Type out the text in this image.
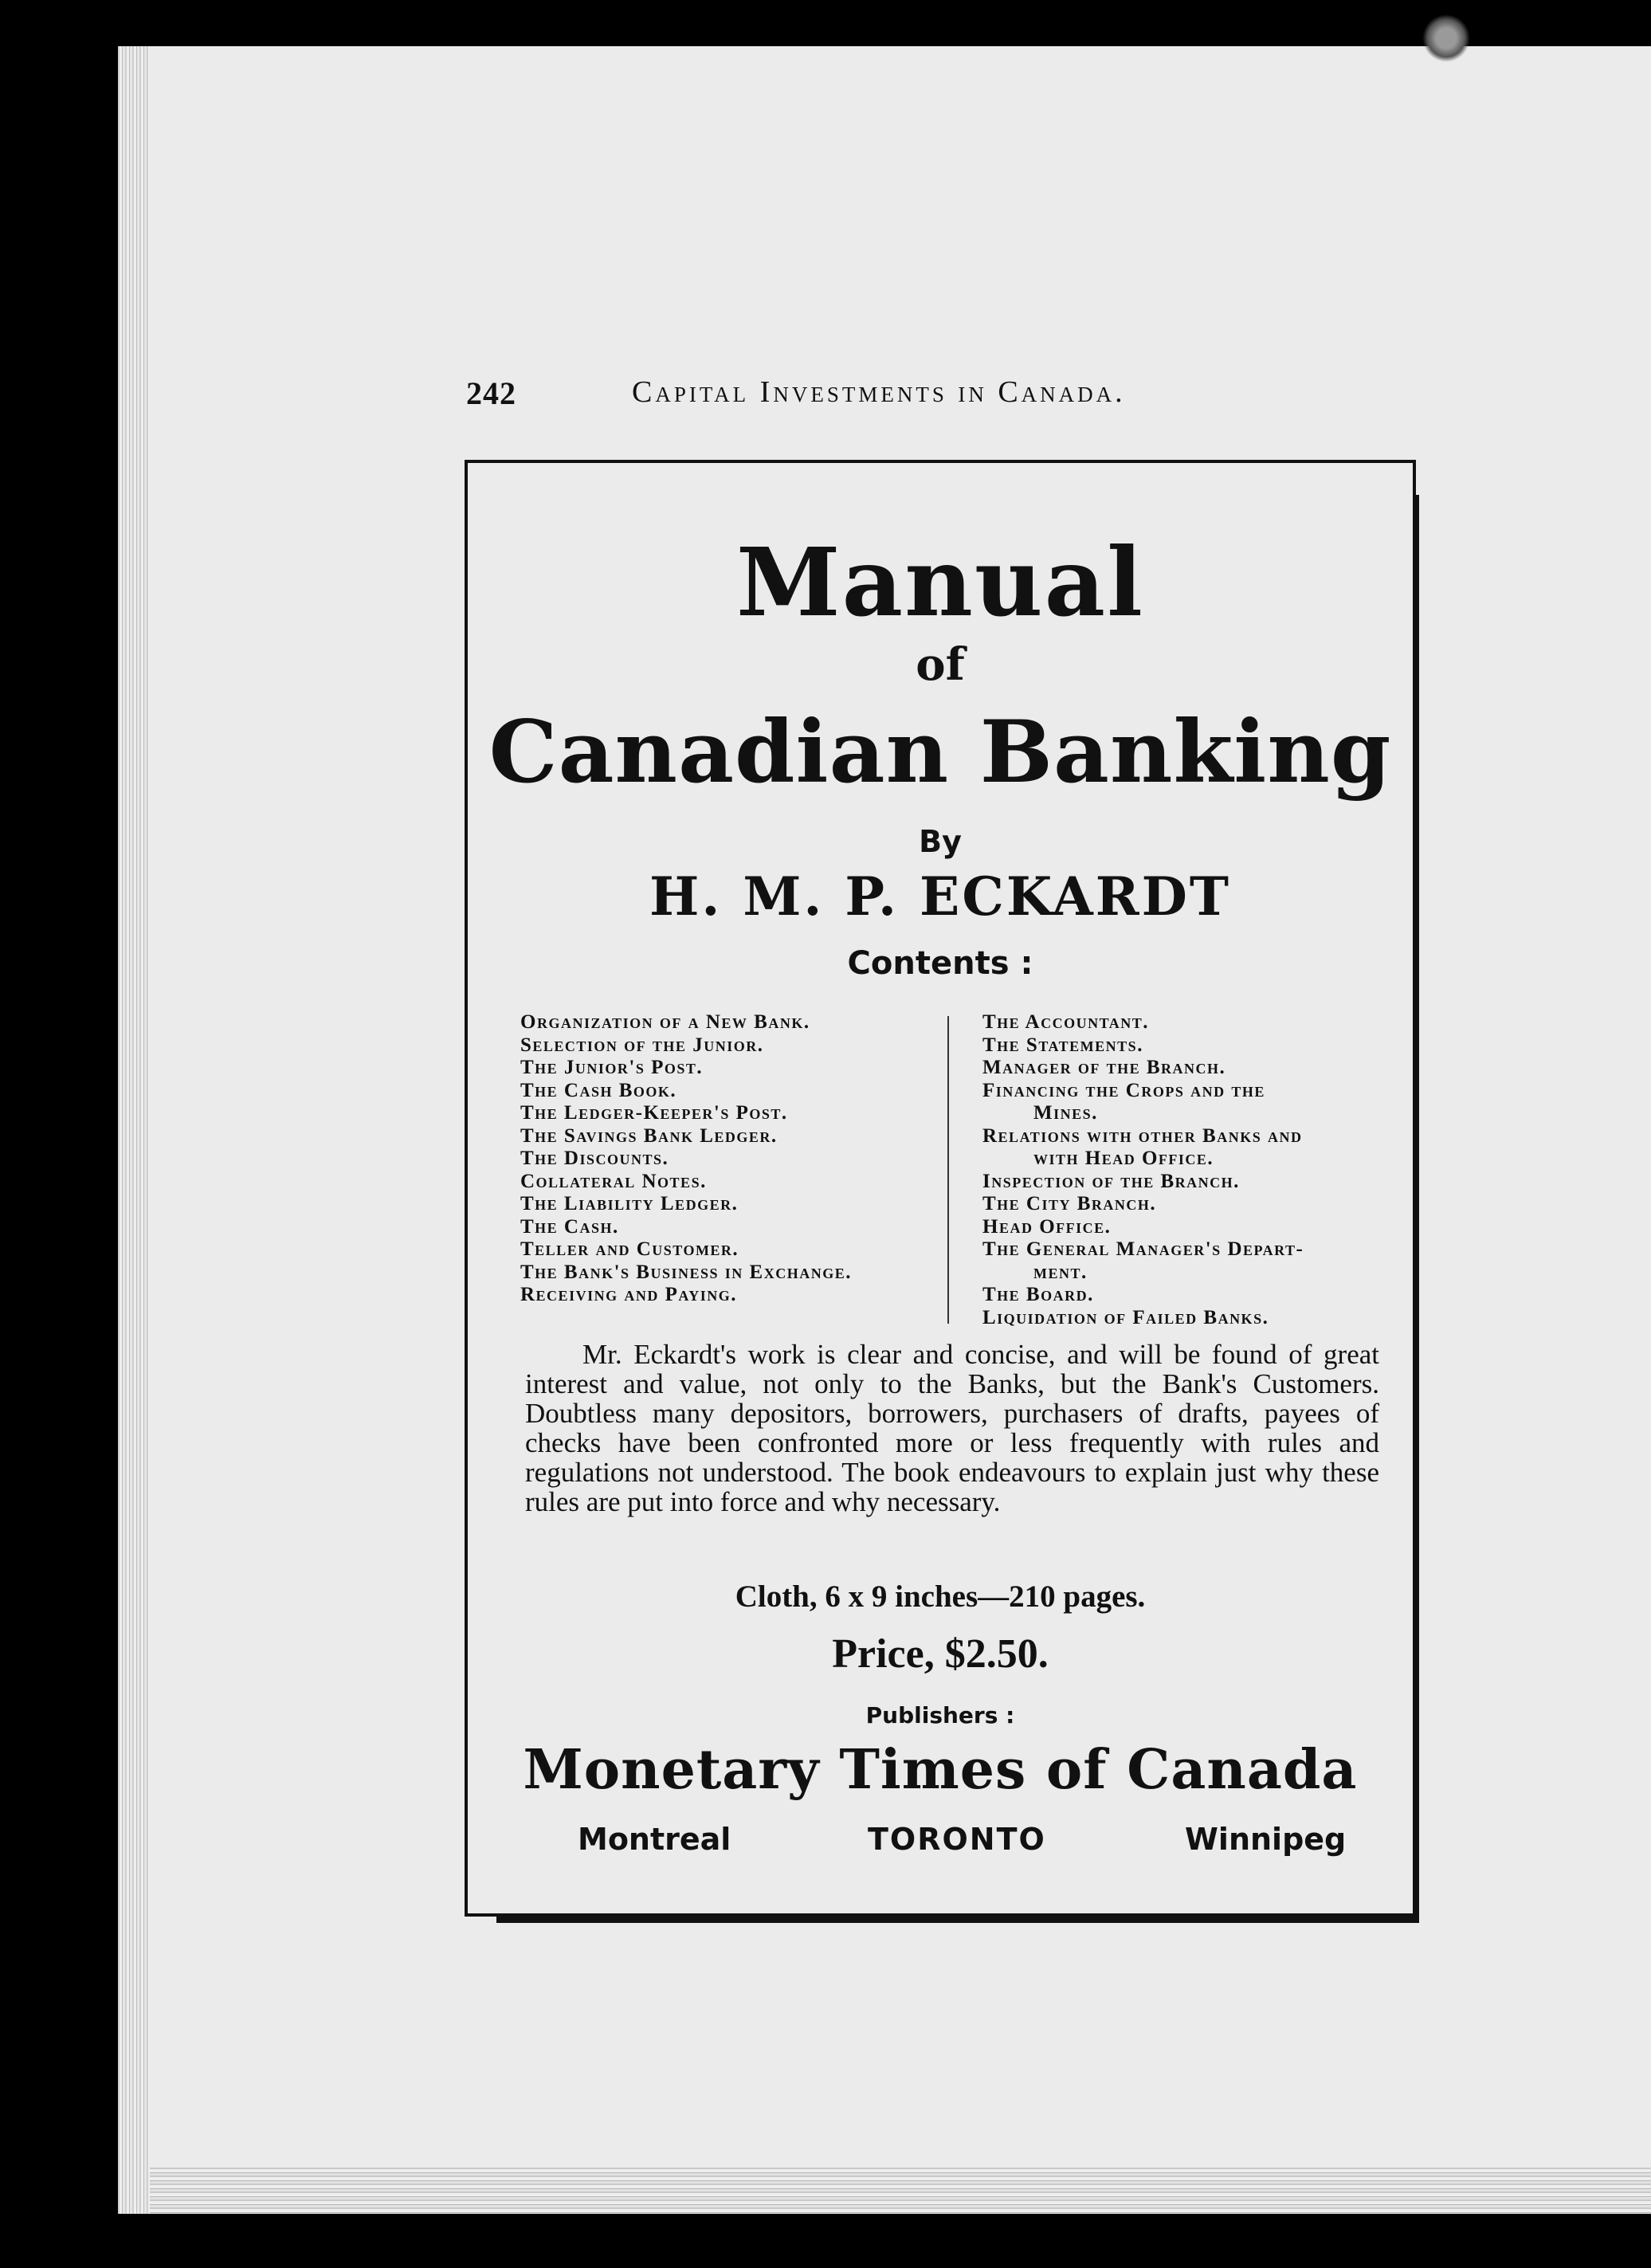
242	Capital Investments in Canada.
Manual
of
Canadian Banking
By
H. M. P. ECKARDT
Contents :
Organization of a New Bank.
Selection of the Junior.
The Junior's Post.
The Cash Book.
The Ledger-Keeper's Post.
The Savings Bank Ledger.
The Discounts.
Collateral Notes.
The Liability Ledger.
The Cash.
Teller and Customer.
The Bank's Business in Exchange.
Receiving and Paying.
The Accountant.
The Statements.
Manager of the Branch.
Financing the Crops and the
Mines.
Relations with other Banks and
with Head Office.
Inspection of the Branch.
The City Branch.
Head Office.
The General Manager's Depart-
ment.
The Board.
Liquidation of Failed Banks.

Mr. Eckardt's work is clear and concise, and will be found of great interest and value, not only to the Banks, but the Bank's Customers. Doubtless many depositors, borrowers, purchasers of drafts, payees of checks have been confronted more or less frequently with rules and regulations not understood. The book endeavours to explain just why these rules are put into force and why necessary.

Cloth, 6 x 9 inches—210 pages.
Price, $2.50.
Publishers :
Monetary Times of Canada
Montreal	TORONTO	Winnipeg
